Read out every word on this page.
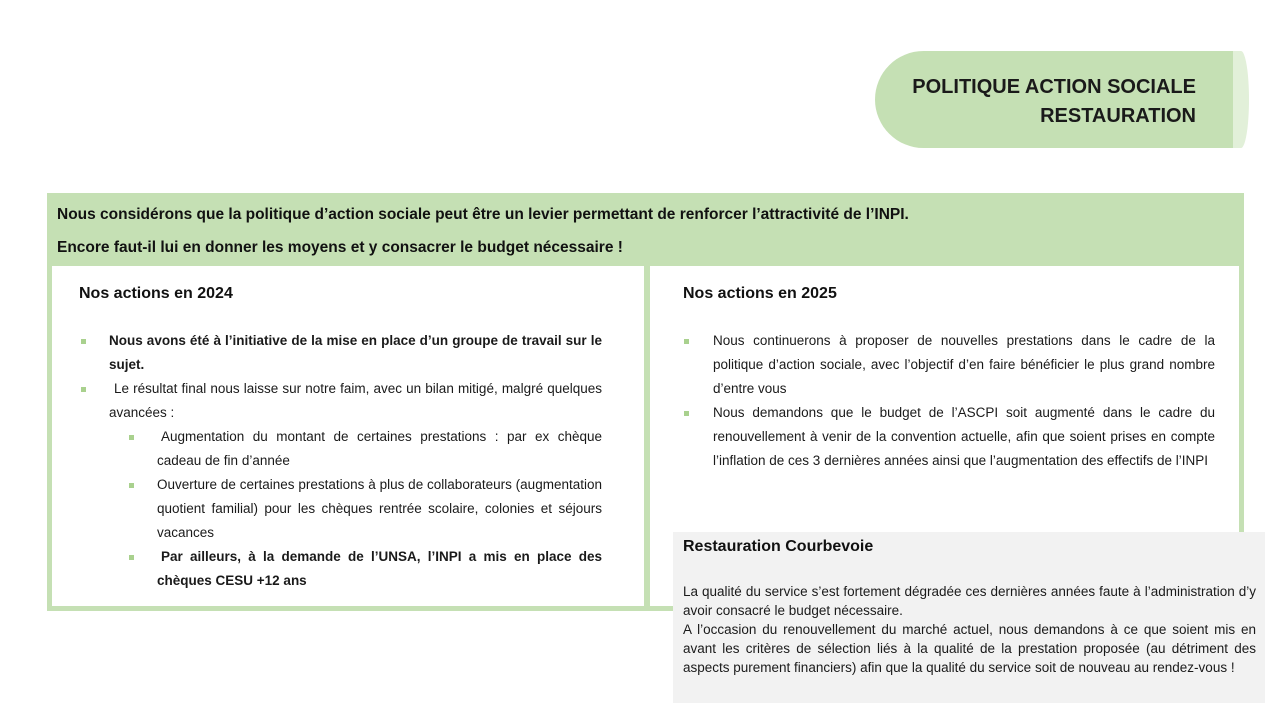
POLITIQUE ACTION SOCIALE
RESTAURATION
Nous considérons que la politique d’action sociale peut être un levier permettant de renforcer l’attractivité de l’INPI.
Encore faut-il lui en donner les moyens et y consacrer le budget nécessaire !
Nos actions en 2024
Nous avons été à l’initiative de la mise en place d’un groupe de travail sur le sujet.
Le résultat final nous laisse sur notre faim, avec un bilan mitigé, malgré quelques avancées :
Augmentation du montant de certaines prestations : par ex chèque cadeau de fin d’année
Ouverture de certaines prestations à plus de collaborateurs (augmentation quotient familial) pour les chèques rentrée scolaire, colonies et séjours vacances
Par ailleurs, à la demande de l’UNSA, l’INPI a mis en place des chèques CESU +12 ans
Nos actions en 2025
Nous continuerons à proposer de nouvelles prestations dans le cadre de la politique d’action sociale, avec l’objectif d’en faire bénéficier le plus grand nombre d’entre vous
Nous demandons que le budget de l’ASCPI soit augmenté dans le cadre du renouvellement à venir de la convention actuelle, afin que soient prises en compte l’inflation de ces 3 dernières années ainsi que l’augmentation des effectifs de l’INPI
Restauration Courbevoie

La qualité du service s’est fortement dégradée ces dernières années faute à l’administration d’y avoir consacré le budget nécessaire.

A l’occasion du renouvellement du marché actuel, nous demandons à ce que soient mis en avant les critères de sélection liés à la qualité de la prestation proposée (au détriment des aspects purement financiers) afin que la qualité du service soit de nouveau au rendez-vous !
